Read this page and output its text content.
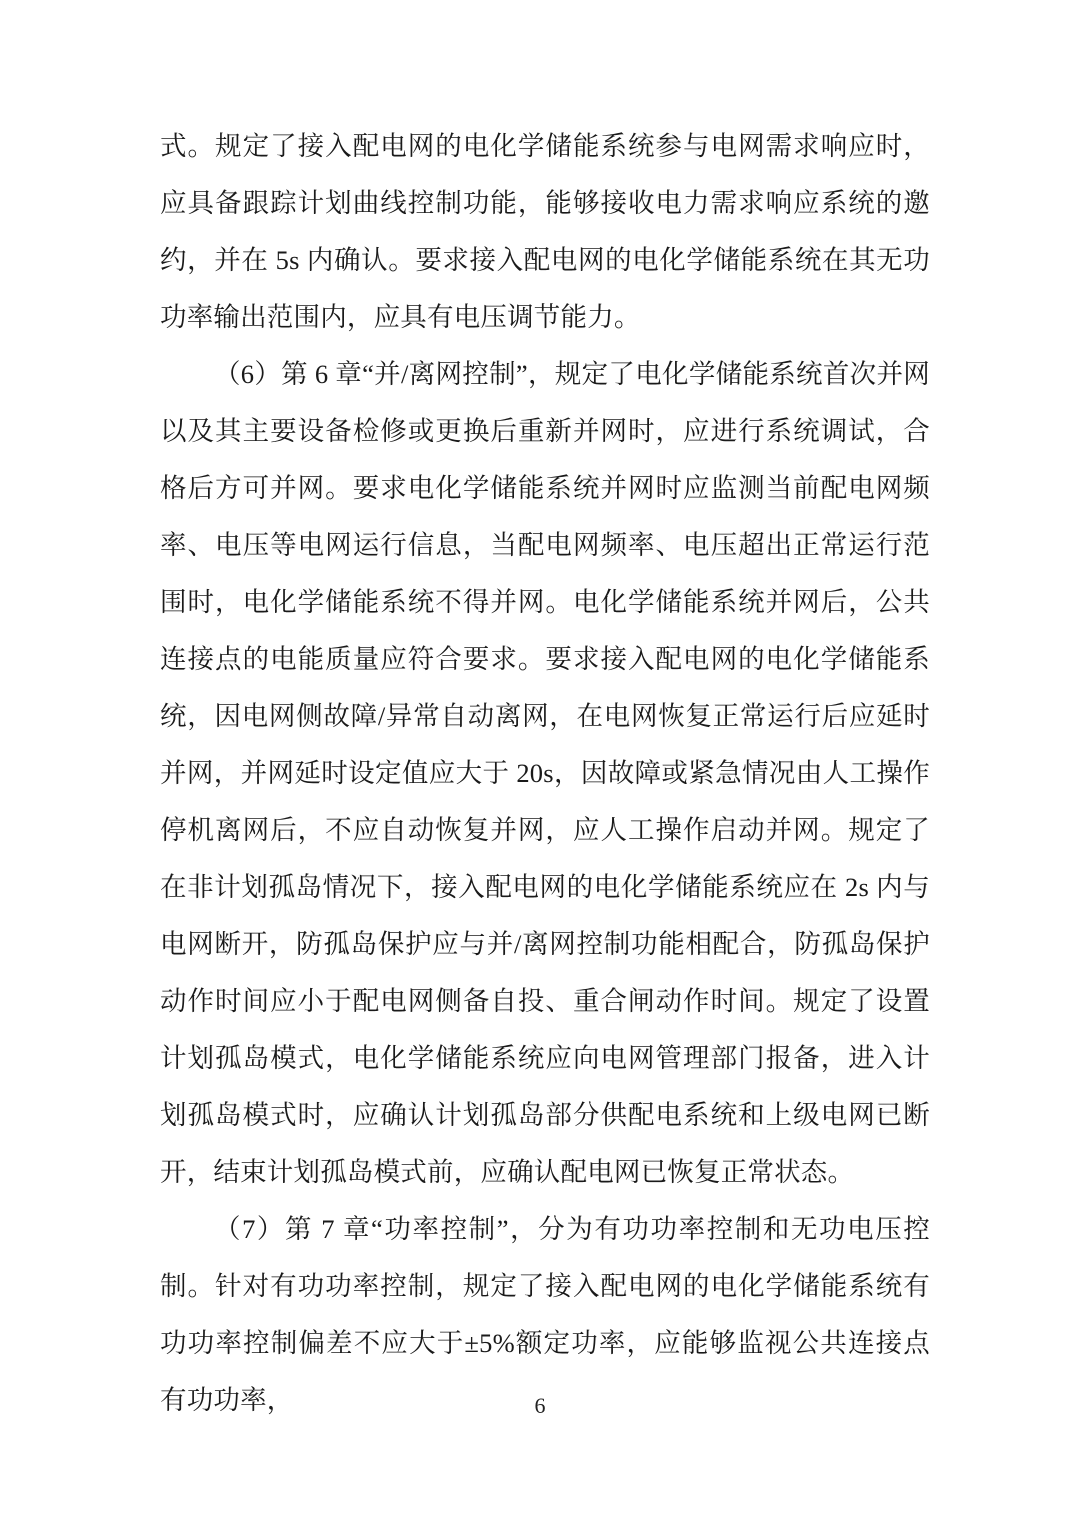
式。规定了接入配电网的电化学储能系统参与电网需求响应时，应具备跟踪计划曲线控制功能，能够接收电力需求响应系统的邀约，并在 5s 内确认。要求接入配电网的电化学储能系统在其无功功率输出范围内，应具有电压调节能力。

（6）第 6 章“并/离网控制”，规定了电化学储能系统首次并网以及其主要设备检修或更换后重新并网时，应进行系统调试，合格后方可并网。要求电化学储能系统并网时应监测当前配电网频率、电压等电网运行信息，当配电网频率、电压超出正常运行范围时，电化学储能系统不得并网。电化学储能系统并网后，公共连接点的电能质量应符合要求。要求接入配电网的电化学储能系统，因电网侧故障/异常自动离网，在电网恢复正常运行后应延时并网，并网延时设定值应大于 20s，因故障或紧急情况由人工操作停机离网后，不应自动恢复并网，应人工操作启动并网。规定了在非计划孤岛情况下，接入配电网的电化学储能系统应在 2s 内与电网断开，防孤岛保护应与并/离网控制功能相配合，防孤岛保护动作时间应小于配电网侧备自投、重合闸动作时间。规定了设置计划孤岛模式，电化学储能系统应向电网管理部门报备，进入计划孤岛模式时，应确认计划孤岛部分供配电系统和上级电网已断开，结束计划孤岛模式前，应确认配电网已恢复正常状态。

（7）第 7 章“功率控制”，分为有功功率控制和无功电压控制。针对有功功率控制，规定了接入配电网的电化学储能系统有功功率控制偏差不应大于±5%额定功率，应能够监视公共连接点有功功率，	6
